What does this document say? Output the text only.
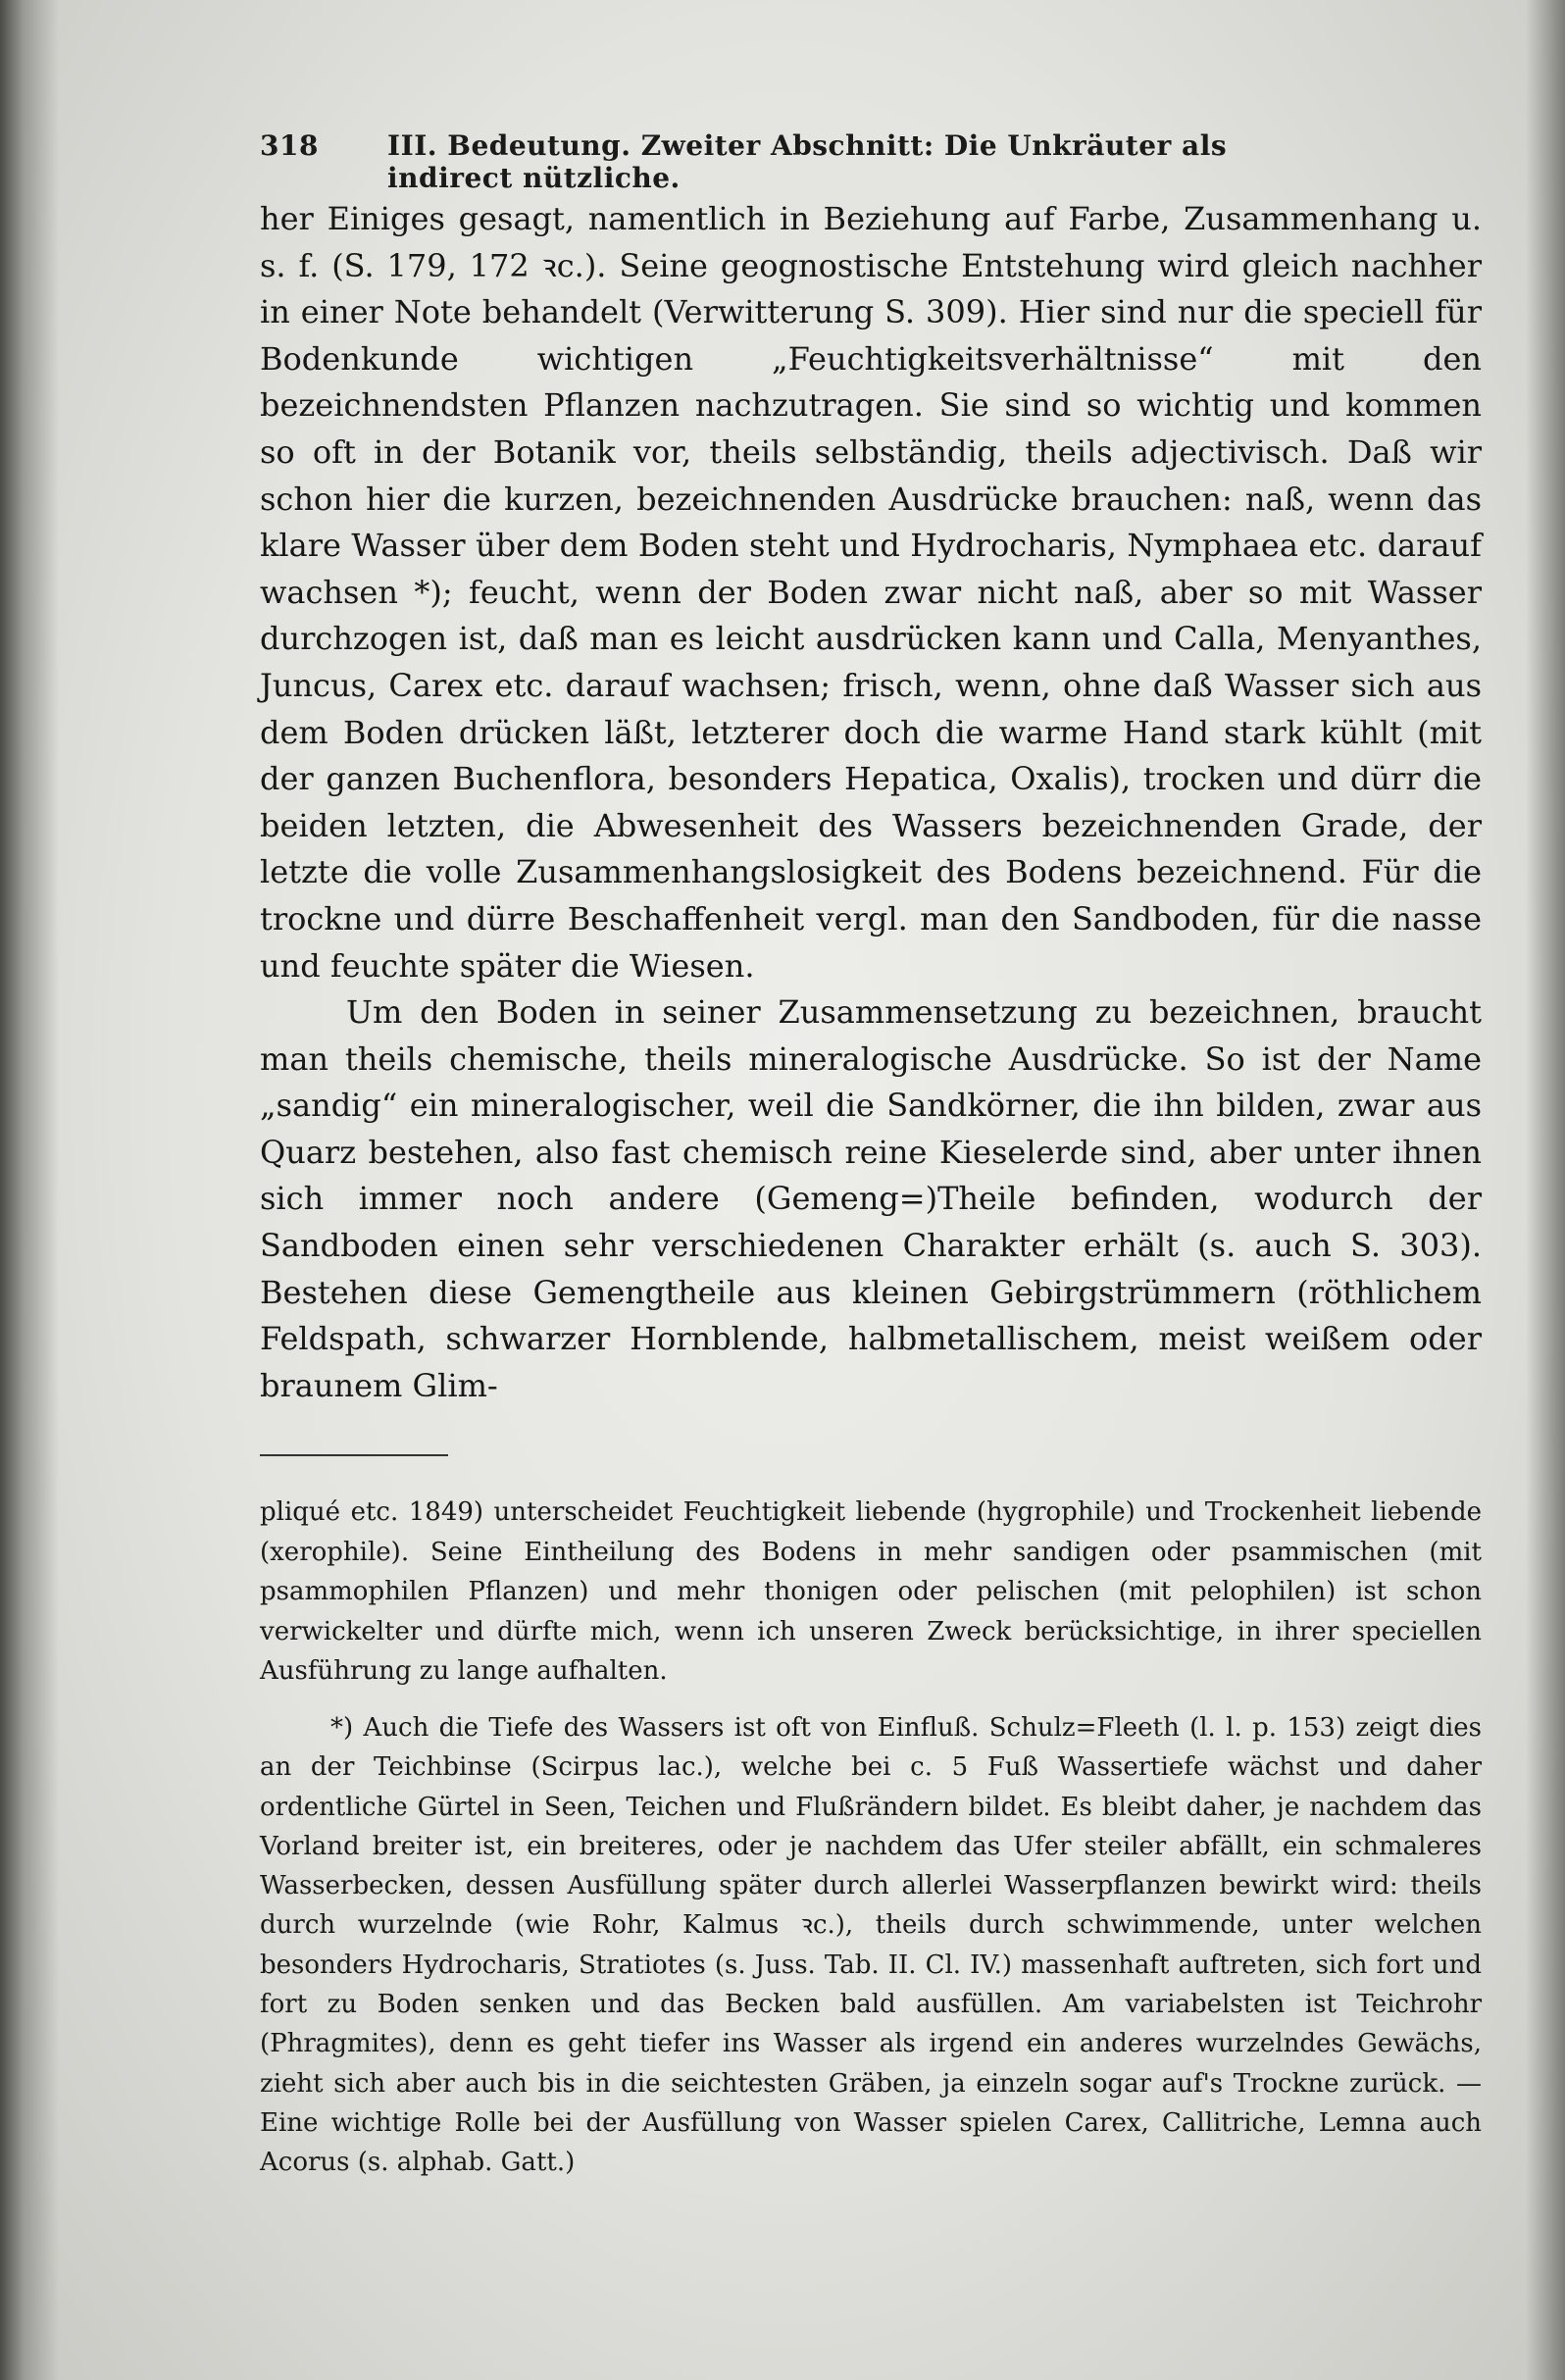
318	III. Bedeutung. Zweiter Abschnitt: Die Unkräuter als indirect nützliche.

her Einiges gesagt, namentlich in Beziehung auf Farbe, Zusammenhang u. s. f. (S. 179, 172 ꝛc.). Seine geognostische Entstehung wird gleich nachher in einer Note behandelt (Verwitterung S. 309). Hier sind nur die speciell für Bodenkunde wichtigen „Feuchtigkeitsverhältnisse“ mit den bezeichnendsten Pflanzen nachzutragen. Sie sind so wichtig und kommen so oft in der Botanik vor, theils selbständig, theils adjectivisch. Daß wir schon hier die kurzen, bezeichnenden Ausdrücke brauchen: naß, wenn das klare Wasser über dem Boden steht und Hydrocharis, Nymphaea etc. darauf wachsen *); feucht, wenn der Boden zwar nicht naß, aber so mit Wasser durchzogen ist, daß man es leicht ausdrücken kann und Calla, Menyanthes, Juncus, Carex etc. darauf wachsen; frisch, wenn, ohne daß Wasser sich aus dem Boden drücken läßt, letzterer doch die warme Hand stark kühlt (mit der ganzen Buchenflora, besonders Hepatica, Oxalis), trocken und dürr die beiden letzten, die Abwesenheit des Wassers bezeichnenden Grade, der letzte die volle Zusammenhangslosigkeit des Bodens bezeichnend. Für die trockne und dürre Beschaffenheit vergl. man den Sandboden, für die nasse und feuchte später die Wiesen.

Um den Boden in seiner Zusammensetzung zu bezeichnen, braucht man theils chemische, theils mineralogische Ausdrücke. So ist der Name „sandig“ ein mineralogischer, weil die Sandkörner, die ihn bilden, zwar aus Quarz bestehen, also fast chemisch reine Kieselerde sind, aber unter ihnen sich immer noch andere (Gemeng=)Theile befinden, wodurch der Sandboden einen sehr verschiedenen Charakter erhält (s. auch S. 303). Bestehen diese Gemengtheile aus kleinen Gebirgstrümmern (röthlichem Feldspath, schwarzer Hornblende, halbmetallischem, meist weißem oder braunem Glim-

pliqué etc. 1849) unterscheidet Feuchtigkeit liebende (hygrophile) und Trockenheit liebende (xerophile). Seine Eintheilung des Bodens in mehr sandigen oder psammischen (mit psammophilen Pflanzen) und mehr thonigen oder pelischen (mit pelophilen) ist schon verwickelter und dürfte mich, wenn ich unseren Zweck berücksichtige, in ihrer speciellen Ausführung zu lange aufhalten.

*) Auch die Tiefe des Wassers ist oft von Einfluß. Schulz=Fleeth (l. l. p. 153) zeigt dies an der Teichbinse (Scirpus lac.), welche bei c. 5 Fuß Wassertiefe wächst und daher ordentliche Gürtel in Seen, Teichen und Flußrändern bildet. Es bleibt daher, je nachdem das Vorland breiter ist, ein breiteres, oder je nachdem das Ufer steiler abfällt, ein schmaleres Wasserbecken, dessen Ausfüllung später durch allerlei Wasserpflanzen bewirkt wird: theils durch wurzelnde (wie Rohr, Kalmus ꝛc.), theils durch schwimmende, unter welchen besonders Hydrocharis, Stratiotes (s. Juss. Tab. II. Cl. IV.) massenhaft auftreten, sich fort und fort zu Boden senken und das Becken bald ausfüllen. Am variabelsten ist Teichrohr (Phragmites), denn es geht tiefer ins Wasser als irgend ein anderes wurzelndes Gewächs, zieht sich aber auch bis in die seichtesten Gräben, ja einzeln sogar auf's Trockne zurück. — Eine wichtige Rolle bei der Ausfüllung von Wasser spielen Carex, Callitriche, Lemna auch Acorus (s. alphab. Gatt.)
